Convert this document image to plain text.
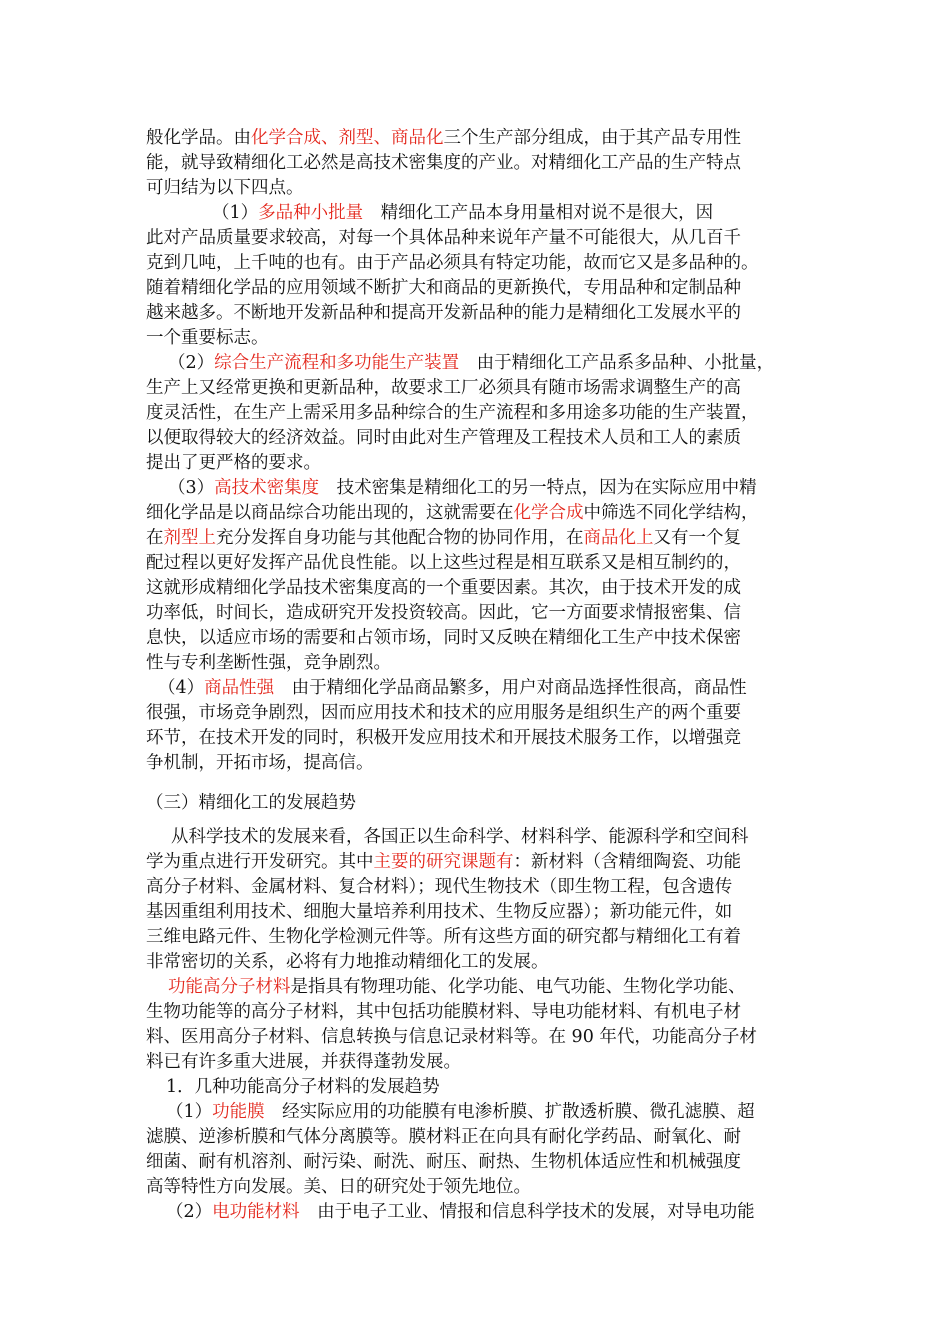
般化学品。由化学合成、剂型、商品化三个生产部分组成，由于其产品专用性
能，就导致精细化工必然是高技术密集度的产业。对精细化工产品的生产特点
可归结为以下四点。
（1）多品种小批量　精细化工产品本身用量相对说不是很大，因
此对产品质量要求较高，对每一个具体品种来说年产量不可能很大，从几百千
克到几吨，上千吨的也有。由于产品必须具有特定功能，故而它又是多品种的。
随着精细化学品的应用领域不断扩大和商品的更新换代，专用品种和定制品种
越来越多。不断地开发新品种和提高开发新品种的能力是精细化工发展水平的
一个重要标志。
（2）综合生产流程和多功能生产装置　由于精细化工产品系多品种、小批量，
生产上又经常更换和更新品种，故要求工厂必须具有随市场需求调整生产的高
度灵活性，在生产上需采用多品种综合的生产流程和多用途多功能的生产装置，
以便取得较大的经济效益。同时由此对生产管理及工程技术人员和工人的素质
提出了更严格的要求。
（3）高技术密集度　技术密集是精细化工的另一特点，因为在实际应用中精
细化学品是以商品综合功能出现的，这就需要在化学合成中筛选不同化学结构，
在剂型上充分发挥自身功能与其他配合物的协同作用，在商品化上又有一个复
配过程以更好发挥产品优良性能。以上这些过程是相互联系又是相互制约的，
这就形成精细化学品技术密集度高的一个重要因素。其次，由于技术开发的成
功率低，时间长，造成研究开发投资较高。因此，它一方面要求情报密集、信
息快，以适应市场的需要和占领市场，同时又反映在精细化工生产中技术保密
性与专利垄断性强，竞争剧烈。
（4）商品性强　由于精细化学品商品繁多，用户对商品选择性很高，商品性
很强，市场竞争剧烈，因而应用技术和技术的应用服务是组织生产的两个重要
环节，在技术开发的同时，积极开发应用技术和开展技术服务工作，以增强竞
争机制，开拓市场，提高信。
（三）精细化工的发展趋势
从科学技术的发展来看，各国正以生命科学、材料科学、能源科学和空间科
学为重点进行开发研究。其中主要的研究课题有：新材料（含精细陶瓷、功能
高分子材料、金属材料、复合材料）；现代生物技术（即生物工程，包含遗传
基因重组利用技术、细胞大量培养利用技术、生物反应器）；新功能元件，如
三维电路元件、生物化学检测元件等。所有这些方面的研究都与精细化工有着
非常密切的关系，必将有力地推动精细化工的发展。
功能高分子材料是指具有物理功能、化学功能、电气功能、生物化学功能、
生物功能等的高分子材料，其中包括功能膜材料、导电功能材料、有机电子材
料、医用高分子材料、信息转换与信息记录材料等。在 90 年代，功能高分子材
料已有许多重大进展，并获得蓬勃发展。
1．几种功能高分子材料的发展趋势
（1）功能膜　经实际应用的功能膜有电渗析膜、扩散透析膜、微孔滤膜、超
滤膜、逆渗析膜和气体分离膜等。膜材料正在向具有耐化学药品、耐氧化、耐
细菌、耐有机溶剂、耐污染、耐洗、耐压、耐热、生物机体适应性和机械强度
高等特性方向发展。美、日的研究处于领先地位。
（2）电功能材料　由于电子工业、情报和信息科学技术的发展，对导电功能
